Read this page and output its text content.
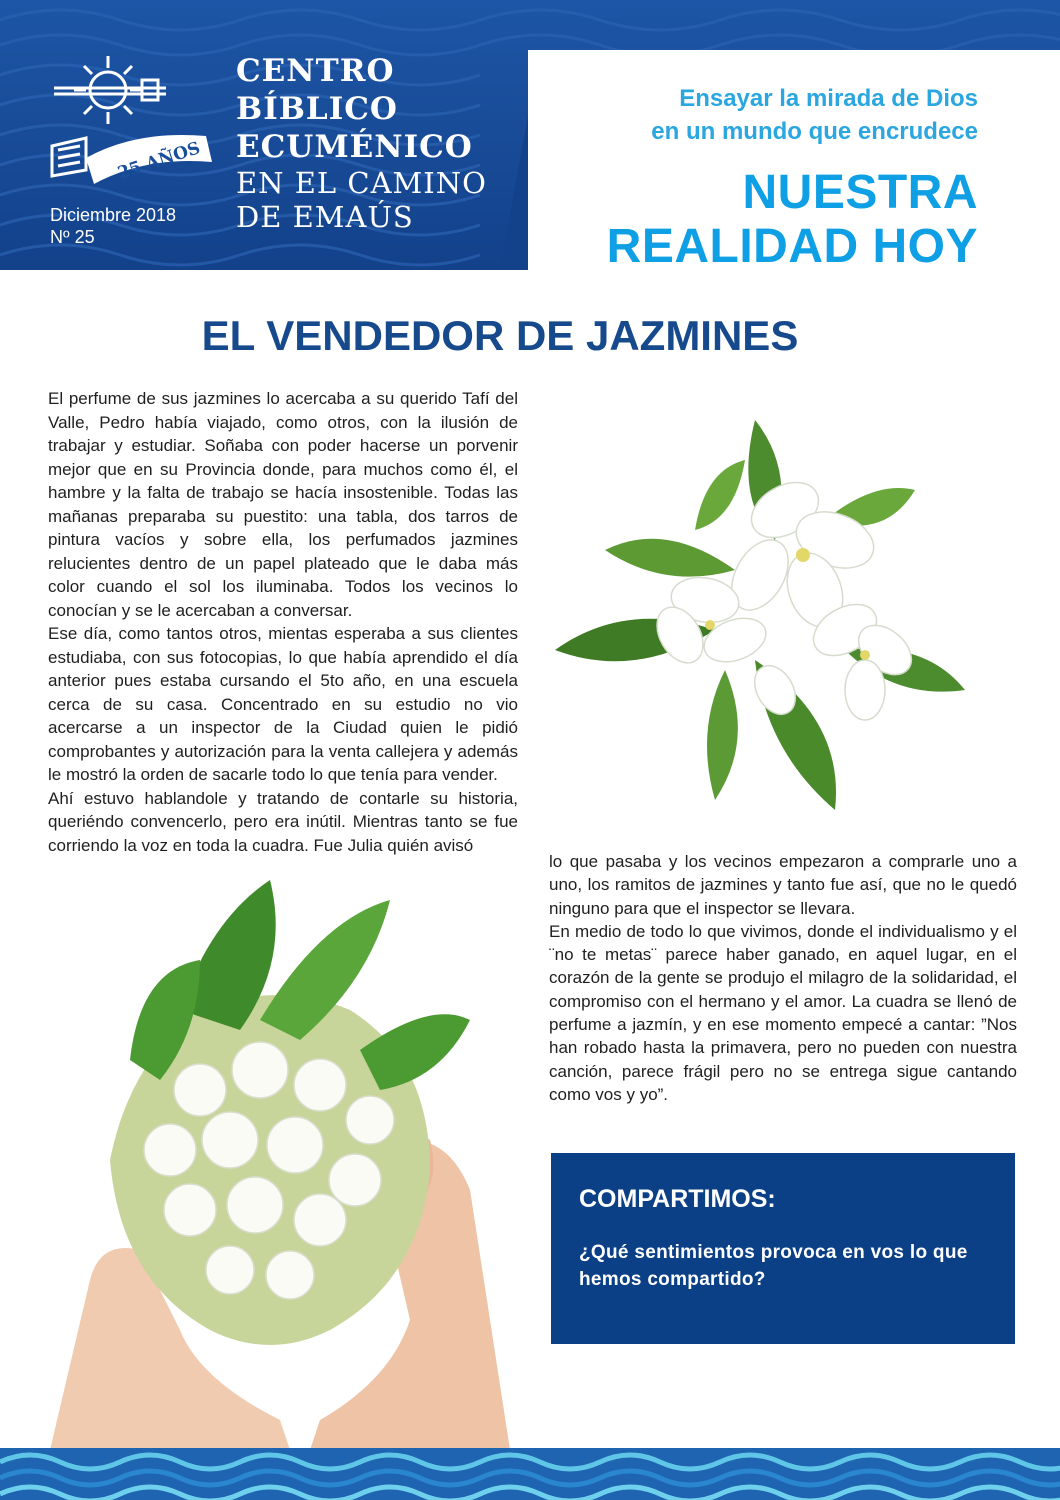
25 AÑOS
CENTRO
BÍBLICO
ECUMÉNICO
EN EL CAMINO
DE EMAÚS
Diciembre 2018
Nº 25
Ensayar la mirada de Dios
en un mundo que encrudece
NUESTRA
REALIDAD HOY
EL VENDEDOR DE JAZMINES

El perfume de sus jazmines lo acercaba a su querido Tafí del Valle, Pedro había viajado, como otros, con la ilusión de trabajar y estudiar. Soñaba con poder hacerse un porvenir mejor que en su Provincia donde, para muchos como él, el hambre y la falta de trabajo se hacía insostenible. Todas las mañanas preparaba su puestito: una tabla, dos tarros de pintura vacíos y sobre ella, los perfumados jazmines relucientes dentro de un papel plateado que le daba más color cuando el sol los iluminaba. Todos los vecinos lo conocían y se le acercaban a conversar.

Ese día, como tantos otros, mientas esperaba a sus clientes estudiaba, con sus fotocopias, lo que había aprendido el día anterior pues estaba cursando el 5to año, en una escuela cerca de su casa. Concentrado en su estudio no vio acercarse a un inspector de la Ciudad quien le pidió comprobantes y autorización para la venta callejera y además le mostró la orden de sacarle todo lo que tenía para vender.

Ahí estuvo hablandole y tratando de contarle su historia, queriéndo convencerlo, pero era inútil. Mientras tanto se fue corriendo la voz en toda la cuadra. Fue Julia quién avisó

lo que pasaba y los vecinos empezaron a comprarle uno a uno, los ramitos de jazmines y tanto fue así, que no le quedó ninguno para que el inspector se llevara.

En medio de todo lo que vivimos, donde el individualismo y el ¨no te metas¨ parece haber ganado, en aquel lugar, en el corazón de la gente se produjo el milagro de la solidaridad, el compromiso con el hermano y el amor. La cuadra se llenó de perfume a jazmín, y en ese momento empecé a cantar: ”Nos han robado hasta la primavera, pero no pueden con nuestra canción, parece frágil pero no se entrega sigue cantando como vos y yo”.

COMPARTIMOS:
¿Qué sentimientos provoca en vos lo que hemos compartido?
